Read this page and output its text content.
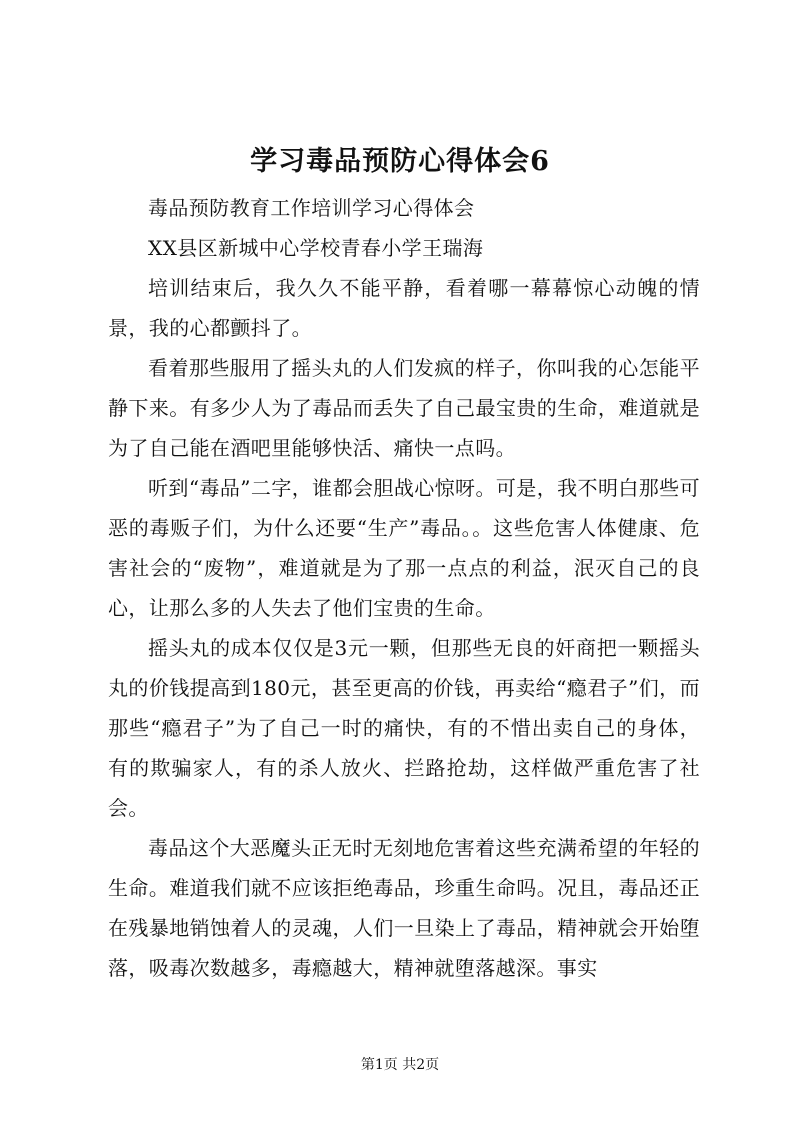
学习毒品预防心得体会6

毒品预防教育工作培训学习心得体会

XX县区新城中心学校青春小学王瑞海

培训结束后，我久久不能平静，看着哪一幕幕惊心动魄的情景，我的心都颤抖了。

看着那些服用了摇头丸的人们发疯的样子，你叫我的心怎能平静下来。有多少人为了毒品而丢失了自己最宝贵的生命，难道就是为了自己能在酒吧里能够快活、痛快一点吗。

听到“毒品”二字，谁都会胆战心惊呀。可是，我不明白那些可恶的毒贩子们，为什么还要“生产”毒品。。这些危害人体健康、危害社会的“废物”，难道就是为了那一点点的利益，泯灭自己的良心，让那么多的人失去了他们宝贵的生命。

摇头丸的成本仅仅是3元一颗，但那些无良的奸商把一颗摇头丸的价钱提高到180元，甚至更高的价钱，再卖给“瘾君子”们，而那些“瘾君子”为了自己一时的痛快，有的不惜出卖自己的身体，有的欺骗家人，有的杀人放火、拦路抢劫，这样做严重危害了社会。

毒品这个大恶魔头正无时无刻地危害着这些充满希望的年轻的生命。难道我们就不应该拒绝毒品，珍重生命吗。况且，毒品还正在残暴地销蚀着人的灵魂，人们一旦染上了毒品，精神就会开始堕落，吸毒次数越多，毒瘾越大，精神就堕落越深。事实

第1页 共2页
